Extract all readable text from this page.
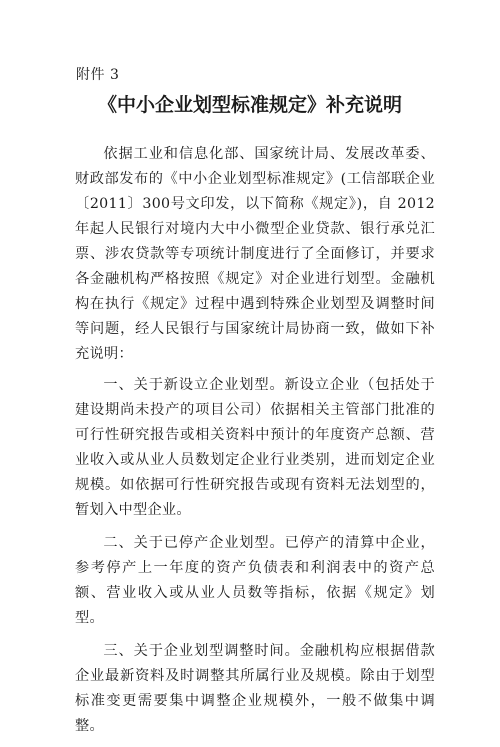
附件 3
《中小企业划型标准规定》补充说明

依据工业和信息化部、国家统计局、发展改革委、财政部发布的《中小企业划型标准规定》(工信部联企业〔2011〕300号文印发，以下简称《规定》)，自 2012 年起人民银行对境内大中小微型企业贷款、银行承兑汇票、涉农贷款等专项统计制度进行了全面修订，并要求各金融机构严格按照《规定》对企业进行划型。金融机构在执行《规定》过程中遇到特殊企业划型及调整时间等问题，经人民银行与国家统计局协商一致，做如下补充说明：

一、关于新设立企业划型。新设立企业（包括处于建设期尚未投产的项目公司）依据相关主管部门批准的可行性研究报告或相关资料中预计的年度资产总额、营业收入或从业人员数划定企业行业类别，进而划定企业规模。如依据可行性研究报告或现有资料无法划型的，暂划入中型企业。

二、关于已停产企业划型。已停产的清算中企业，参考停产上一年度的资产负债表和利润表中的资产总额、营业收入或从业人员数等指标，依据《规定》划型。

三、关于企业划型调整时间。金融机构应根据借款企业最新资料及时调整其所属行业及规模。除由于划型标准变更需要集中调整企业规模外，一般不做集中调整。
